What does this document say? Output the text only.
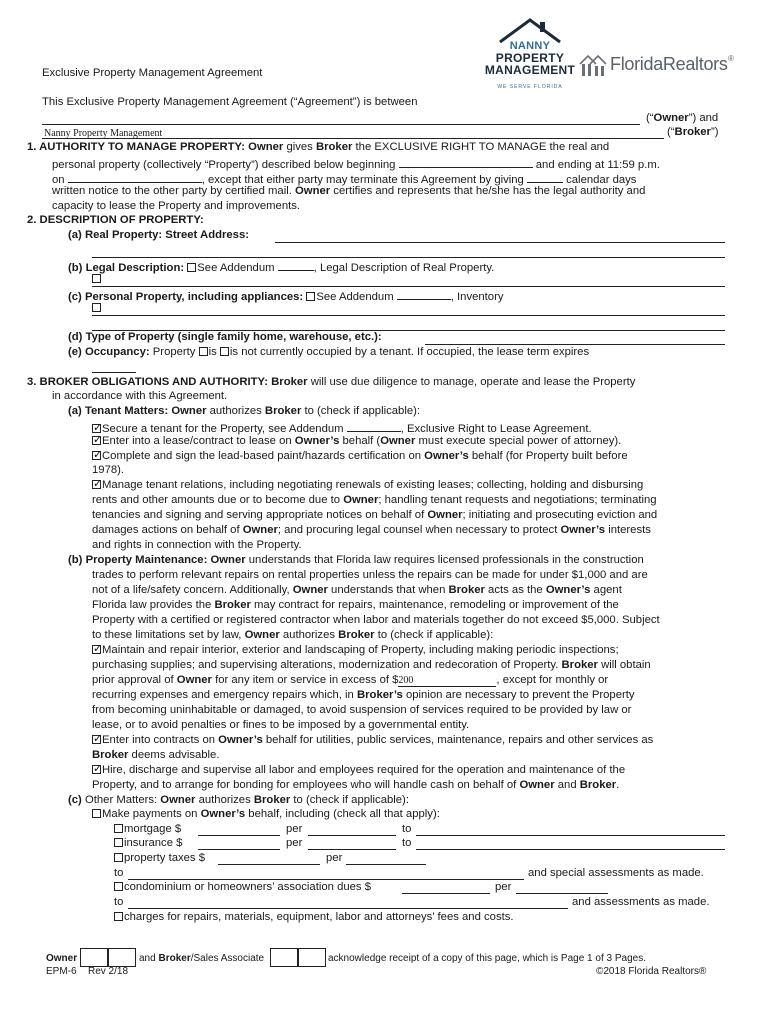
Exclusive Property Management Agreement
NANNY
PROPERTY
MANAGEMENT
WE SERVE FLORIDA
FloridaRealtors ®
This Exclusive Property Management Agreement (“Agreement”) is between
(“Owner”) and
Nanny Property Management	(“Broker”)
1. AUTHORITY TO MANAGE PROPERTY: Owner gives Broker the EXCLUSIVE RIGHT TO MANAGE the real and
personal property (collectively “Property”) described below beginning	and ending at 11:59 p.m.
on	, except that either party may terminate this Agreement by giving	calendar days
written notice to the other party by certified mail. Owner certifies and represents that he/she has the legal authority and
capacity to lease the Property and improvements.
2. DESCRIPTION OF PROPERTY:
(a) Real Property: Street Address:
(b) Legal Description: See Addendum	, Legal Description of Real Property.
(c) Personal Property, including appliances: See Addendum	, Inventory
(d) Type of Property (single family home, warehouse, etc.):
(e) Occupancy: Property is is not currently occupied by a tenant. If occupied, the lease term expires
3. BROKER OBLIGATIONS AND AUTHORITY: Broker will use due diligence to manage, operate and lease the Property
in accordance with this Agreement.
(a) Tenant Matters: Owner authorizes Broker to (check if applicable):
✓Secure a tenant for the Property, see Addendum	, Exclusive Right to Lease Agreement.
✓Enter into a lease/contract to lease on Owner’s behalf (Owner must execute special power of attorney).
✓Complete and sign the lead-based paint/hazards certification on Owner’s behalf (for Property built before
1978).
✓Manage tenant relations, including negotiating renewals of existing leases; collecting, holding and disbursing
rents and other amounts due or to become due to Owner; handling tenant requests and negotiations; terminating
tenancies and signing and serving appropriate notices on behalf of Owner; initiating and prosecuting eviction and
damages actions on behalf of Owner; and procuring legal counsel when necessary to protect Owner’s interests
and rights in connection with the Property.
(b) Property Maintenance: Owner understands that Florida law requires licensed professionals in the construction
trades to perform relevant repairs on rental properties unless the repairs can be made for under $1,000 and are
not of a life/safety concern. Additionally, Owner understands that when Broker acts as the Owner’s agent
Florida law provides the Broker may contract for repairs, maintenance, remodeling or improvement of the
Property with a certified or registered contractor when labor and materials together do not exceed $5,000. Subject
to these limitations set by law, Owner authorizes Broker to (check if applicable):
✓Maintain and repair interior, exterior and landscaping of Property, including making periodic inspections;
purchasing supplies; and supervising alterations, modernization and redecoration of Property. Broker will obtain
prior approval of Owner for any item or service in excess of $200	, except for monthly or
recurring expenses and emergency repairs which, in Broker’s opinion are necessary to prevent the Property
from becoming uninhabitable or damaged, to avoid suspension of services required to be provided by law or
lease, or to avoid penalties or fines to be imposed by a governmental entity.
✓Enter into contracts on Owner’s behalf for utilities, public services, maintenance, repairs and other services as
Broker deems advisable.
✓Hire, discharge and supervise all labor and employees required for the operation and maintenance of the
Property, and to arrange for bonding for employees who will handle cash on behalf of Owner and Broker.
(c) Other Matters: Owner authorizes Broker to (check if applicable):
Make payments on Owner’s behalf, including (check all that apply):
mortgage $	per	to
insurance $	per	to
property taxes $	per
to	and special assessments as made.
condominium or homeowners’ association dues $	per
to	and assessments as made.
charges for repairs, materials, equipment, labor and attorneys’ fees and costs.
Owner	and Broker/Sales Associate	acknowledge receipt of a copy of this page, which is Page 1 of 3 Pages.
EPM-6 Rev 2/18	©2018 Florida Realtors®
